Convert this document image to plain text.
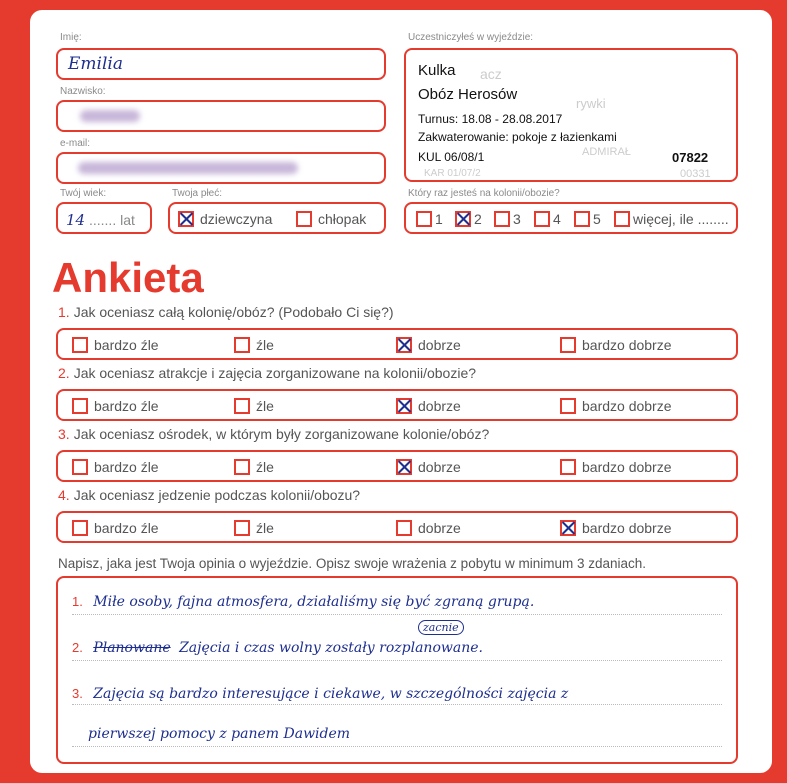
Imię:
Emilia
Nazwisko:
e-mail:
Twój wiek:
14 ....... lat
Twoja płeć:
dziewczyna	chłopak
Uczestniczyłeś w wyjeździe:
acz
rywki
ADMIRAŁ
KAR 01/07/2	00331
Kulka
Obóz Herosów
Turnus: 18.08 - 28.08.2017
Zakwaterowanie: pokoje z łazienkami
KUL 06/08/1	07822
Który raz jesteś na kolonii/obozie?
1	2	3	4	5	więcej, ile ........
Ankieta
1. Jak oceniasz całą kolonię/obóz? (Podobało Ci się?)
bardzo źle	źle	dobrze	bardzo dobrze
2. Jak oceniasz atrakcje i zajęcia zorganizowane na kolonii/obozie?
bardzo źle	źle	dobrze	bardzo dobrze
3. Jak oceniasz ośrodek, w którym były zorganizowane kolonie/obóz?
bardzo źle	źle	dobrze	bardzo dobrze
4. Jak oceniasz jedzenie podczas kolonii/obozu?
bardzo źle	źle	dobrze	bardzo dobrze
Napisz, jaka jest Twoja opinia o wyjeździe. Opisz swoje wrażenia z pobytu w minimum 3 zdaniach.
1. Miłe osoby, fajna atmosfera, działaliśmy się być zgraną grupą.
2. Planowane Zajęcia i czas wolny zostały rozplanowane.
zacnie
3. Zajęcia są bardzo interesujące i ciekawe, w szczególności zajęcia z
pierwszej pomocy z panem Dawidem
